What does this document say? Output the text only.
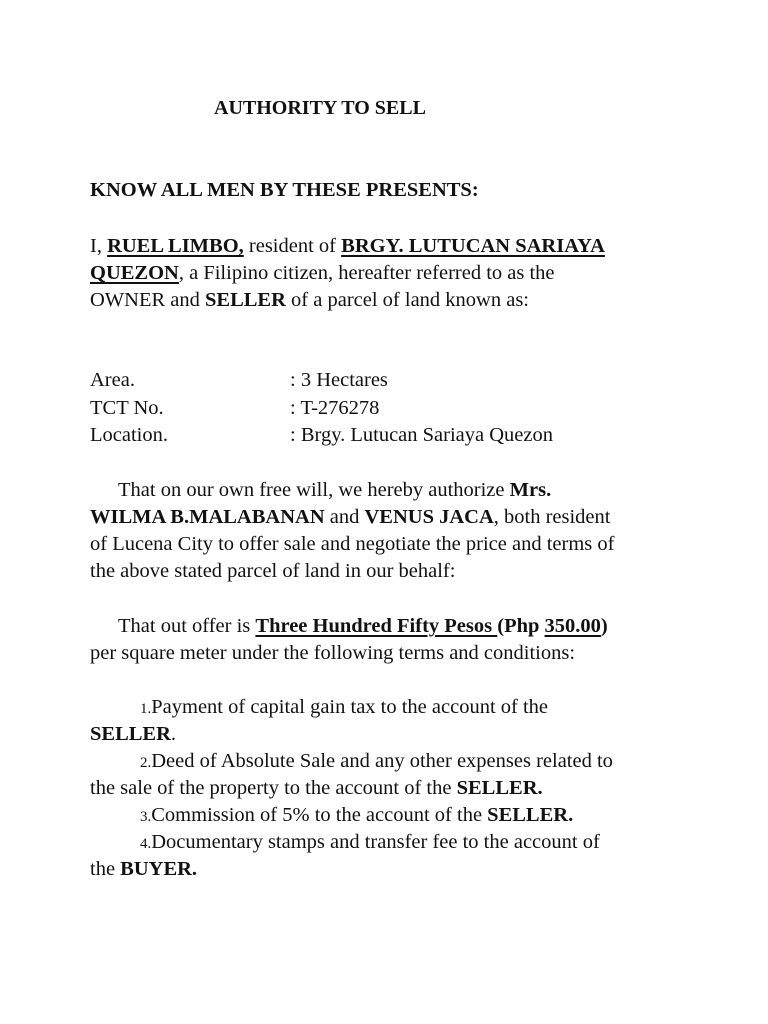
AUTHORITY TO SELL
KNOW ALL MEN BY THESE PRESENTS:
I, RUEL LIMBO, resident of BRGY. LUTUCAN SARIAYA
QUEZON, a Filipino citizen, hereafter referred to as the
OWNER and SELLER of a parcel of land known as:
Area.	: 3 Hectares
TCT No.	: T-276278
Location.	: Brgy. Lutucan Sariaya Quezon
That on our own free will, we hereby authorize Mrs.
WILMA B.MALABANAN and VENUS JACA, both resident
of Lucena City to offer sale and negotiate the price and terms of
the above stated parcel of land in our behalf:
That out offer is Three Hundred Fifty Pesos (Php 350.00)
per square meter under the following terms and conditions:
1.Payment of capital gain tax to the account of the
SELLER.
2.Deed of Absolute Sale and any other expenses related to
the sale of the property to the account of the SELLER.
3.Commission of 5% to the account of the SELLER.
4.Documentary stamps and transfer fee to the account of
the BUYER.
